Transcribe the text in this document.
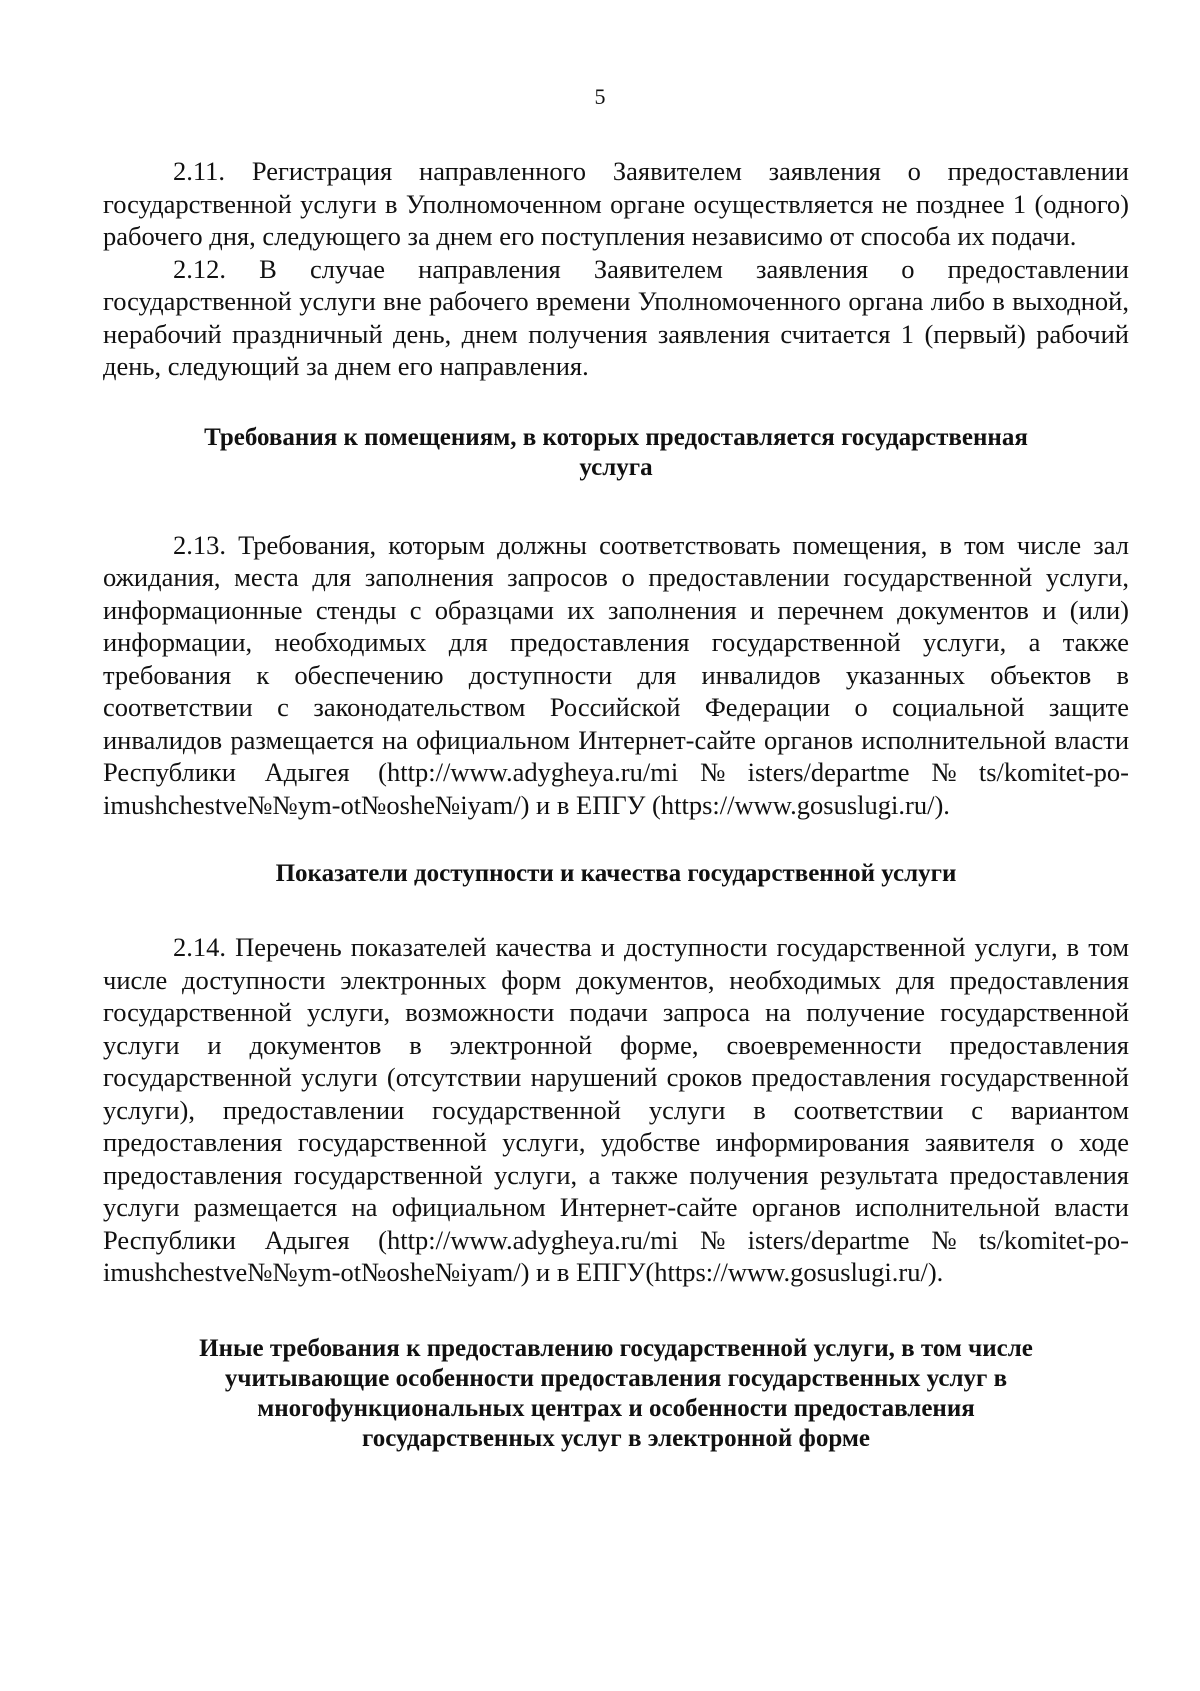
5

2.11. Регистрация направленного Заявителем заявления о предоставлении государственной услуги в Уполномоченном органе осуществляется не позднее 1 (одного) рабочего дня, следующего за днем его поступления независимо от способа их подачи.

2.12. В случае направления Заявителем заявления о предоставлении государственной услуги вне рабочего времени Уполномоченного органа либо в выходной, нерабочий праздничный день, днем получения заявления считается 1 (первый) рабочий день, следующий за днем его направления.

Требования к помещениям, в которых предоставляется государственная
услуга

2.13. Требования, которым должны соответствовать помещения, в том числе зал ожидания, места для заполнения запросов о предоставлении государственной услуги, информационные стенды с образцами их заполнения и перечнем документов и (или) информации, необходимых для предоставления государственной услуги, а также требования к обеспечению доступности для инвалидов указанных объектов в соответствии с законодательством Российской Федерации о социальной защите инвалидов размещается на официальном Интернет-сайте органов исполнительной власти Республики Адыгея (http://www.adygheya.ru/mi№isters/departme№ts/komitet-po-imushchestve№№ym-ot№oshe№iyam/) и в ЕПГУ (https://www.gosuslugi.ru/).

Показатели доступности и качества государственной услуги

2.14. Перечень показателей качества и доступности государственной услуги, в том числе доступности электронных форм документов, необходимых для предоставления государственной услуги, возможности подачи запроса на получение государственной услуги и документов в электронной форме, своевременности предоставления государственной услуги (отсутствии нарушений сроков предоставления государственной услуги), предоставлении государственной услуги в соответствии с вариантом предоставления государственной услуги, удобстве информирования заявителя о ходе предоставления государственной услуги, а также получения результата предоставления услуги размещается на официальном Интернет-сайте органов исполнительной власти Республики Адыгея (http://www.adygheya.ru/mi№isters/departme№ts/komitet-po-imushchestve№№ym-ot№oshe№iyam/) и в ЕПГУ(https://www.gosuslugi.ru/).

Иные требования к предоставлению государственной услуги, в том числе
учитывающие особенности предоставления государственных услуг в
многофункциональных центрах и особенности предоставления
государственных услуг в электронной форме
